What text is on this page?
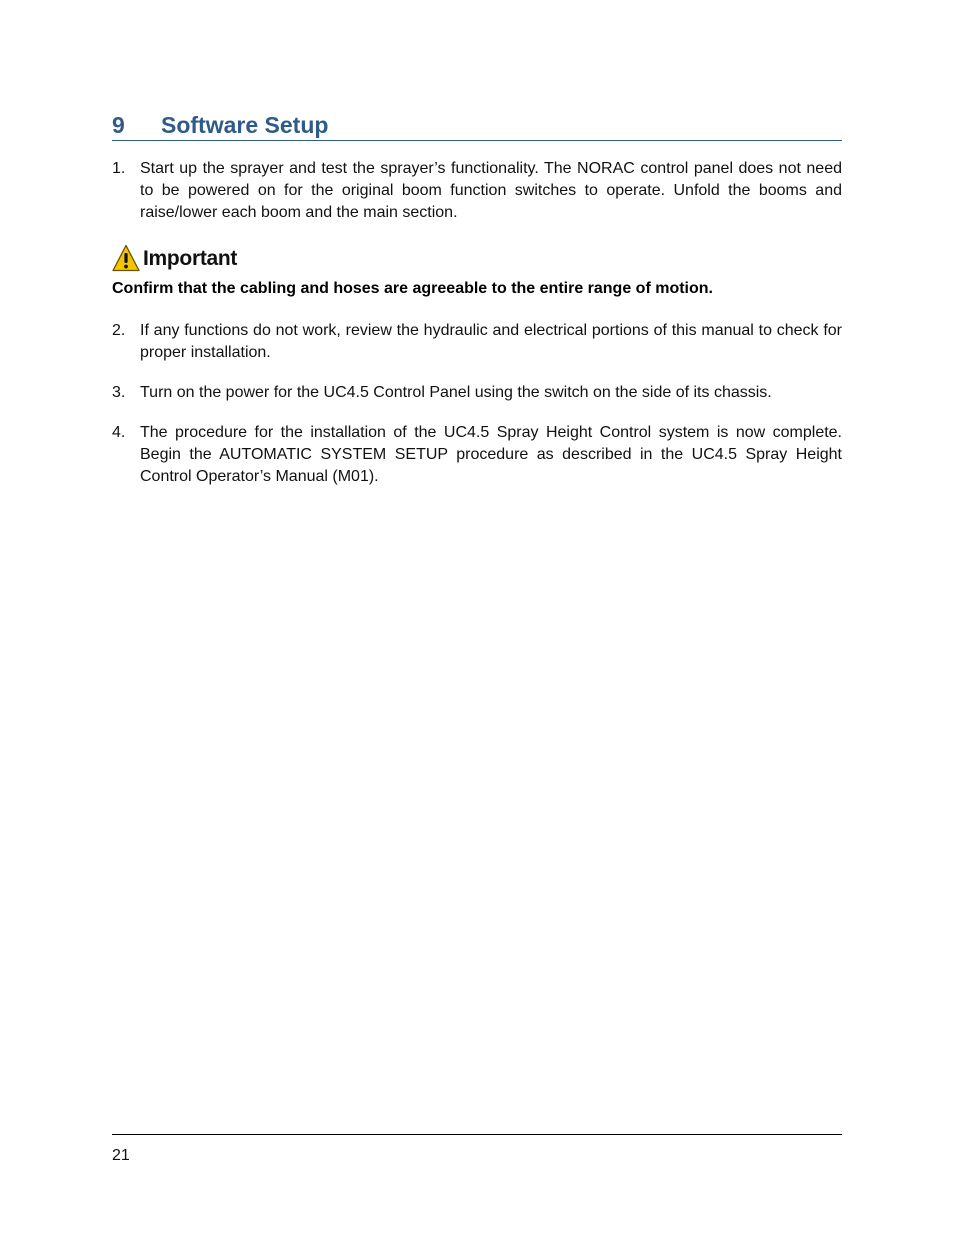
9 Software Setup
1. Start up the sprayer and test the sprayer’s functionality. The NORAC control panel does not need to be powered on for the original boom function switches to operate. Unfold the booms and raise/lower each boom and the main section.
Important
Confirm that the cabling and hoses are agreeable to the entire range of motion.
2. If any functions do not work, review the hydraulic and electrical portions of this manual to check for proper installation.
3. Turn on the power for the UC4.5 Control Panel using the switch on the side of its chassis.
4. The procedure for the installation of the UC4.5 Spray Height Control system is now complete. Begin the AUTOMATIC SYSTEM SETUP procedure as described in the UC4.5 Spray Height Control Operator’s Manual (M01).
21
